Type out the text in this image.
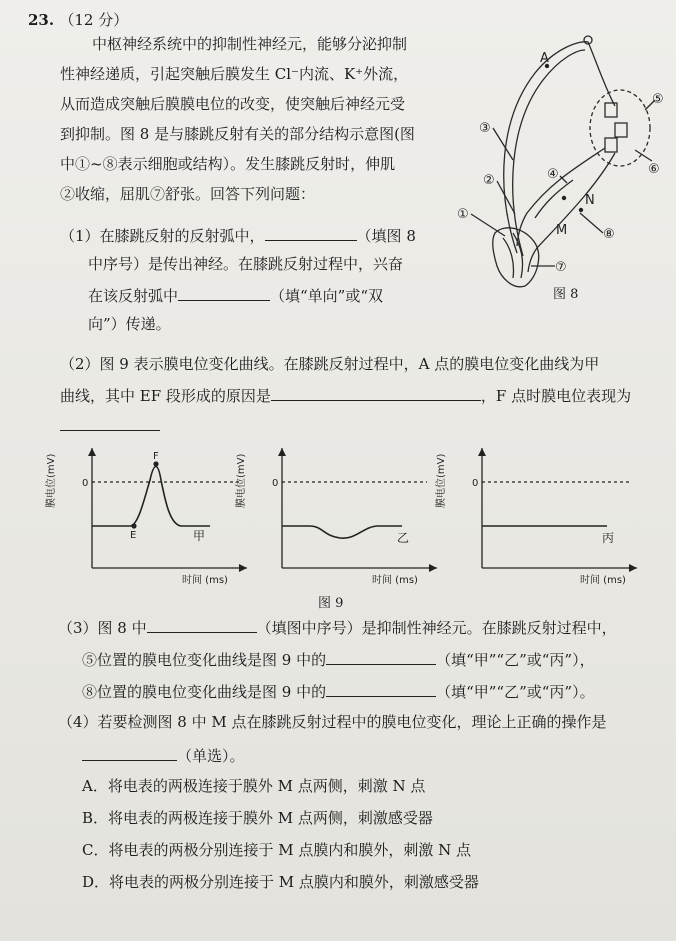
23. （12 分）
中枢神经系统中的抑制性神经元，能够分泌抑制
性神经递质，引起突触后膜发生 Cl⁻内流、K⁺外流，
从而造成突触后膜膜电位的改变，使突触后神经元受
到抑制。图 8 是与膝跳反射有关的部分结构示意图(图
中①~⑧表示细胞或结构）。发生膝跳反射时，伸肌
②收缩，屈肌⑦舒张。回答下列问题：
（1）在膝跳反射的反射弧中，	（填图 8
中序号）是传出神经。在膝跳反射过程中，兴奋
在该反射弧中	（填“单向”或“双
向”）传递。
①
②
③
④
⑤
⑥
⑦
⑧
A
N
M
图 8
（2）图 9 表示膜电位变化曲线。在膝跳反射过程中，A 点的膜电位变化曲线为甲
曲线，其中 EF 段形成的原因是	，F 点时膜电位表现为
膜电位(mV)	0
E
F
甲
时间 (ms)
膜电位(mV)	0
乙
时间 (ms)
膜电位(mV)	0
丙
时间 (ms)
图 9
（3）图 8 中	（填图中序号）是抑制性神经元。在膝跳反射过程中，
⑤位置的膜电位变化曲线是图 9 中的	（填“甲”“乙”或“丙”），
⑧位置的膜电位变化曲线是图 9 中的	（填“甲”“乙”或“丙”）。
（4）若要检测图 8 中 M 点在膝跳反射过程中的膜电位变化，理论上正确的操作是
（单选）。
A．将电表的两极连接于膜外 M 点两侧，刺激 N 点
B．将电表的两极连接于膜外 M 点两侧，刺激感受器
C．将电表的两极分别连接于 M 点膜内和膜外，刺激 N 点
D．将电表的两极分别连接于 M 点膜内和膜外，刺激感受器
